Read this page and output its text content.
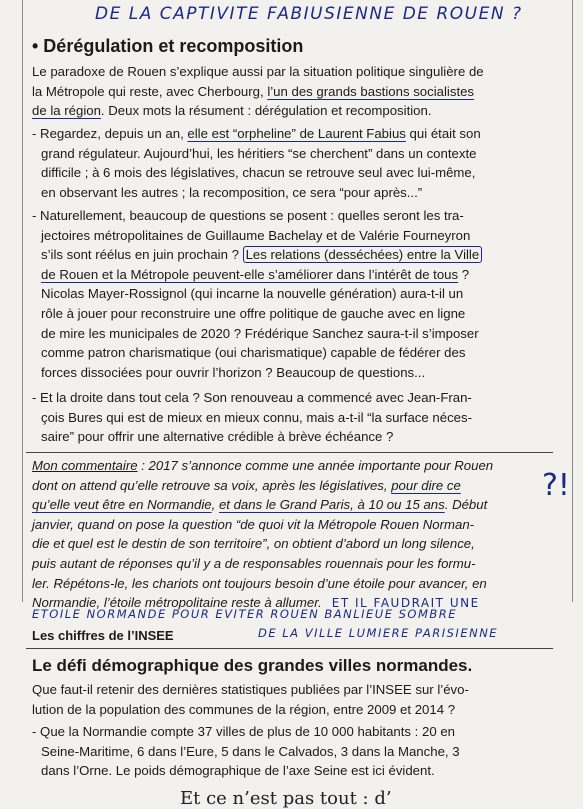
DE LA CAPTIVITE FABIUSIENNE DE ROUEN ?
• Dérégulation et recomposition

Le paradoxe de Rouen s’explique aussi par la situation politique singulière de
la Métropole qui reste, avec Cherbourg, l’un des grands bastions socialistes
de la région. Deux mots la résument : dérégulation et recomposition.

- Regardez, depuis un an, elle est “orpheline” de Laurent Fabius qui était son
grand régulateur. Aujourd’hui, les héritiers “se cherchent” dans un contexte
difficile ; à 6 mois des législatives, chacun se retrouve seul avec lui-même,
en observant les autres ; la recomposition, ce sera “pour après...”

- Naturellement, beaucoup de questions se posent : quelles seront les tra-
jectoires métropolitaines de Guillaume Bachelay et de Valérie Fourneyron
s’ils sont réélus en juin prochain ? Les relations (desséchées) entre la Ville
de Rouen et la Métropole peuvent-elle s’améliorer dans l’intérêt de tous ?
Nicolas Mayer-Rossignol (qui incarne la nouvelle génération) aura-t-il un
rôle à jouer pour reconstruire une offre politique de gauche avec en ligne
de mire les municipales de 2020 ? Frédérique Sanchez saura-t-il s’imposer
comme patron charismatique (oui charismatique) capable de fédérer des
forces dissociées pour ouvrir l’horizon ? Beaucoup de questions...

- Et la droite dans tout cela ? Son renouveau a commencé avec Jean-Fran-
çois Bures qui est de mieux en mieux connu, mais a-t-il “la surface néces-
saire” pour offrir une alternative crédible à brève échéance ?

Mon commentaire : 2017 s’annonce comme une année importante pour Rouen
dont on attend qu’elle retrouve sa voix, après les législatives, pour dire ce
qu’elle veut être en Normandie, et dans le Grand Paris, à 10 ou 15 ans. Début
janvier, quand on pose la question “de quoi vit la Métropole Rouen Norman-
die et quel est le destin de son territoire”, on obtient d’abord un long silence,
puis autant de réponses qu’il y a de responsables rouennais pour les formu-
ler. Répétons-le, les chariots ont toujours besoin d’une étoile pour avancer, en
Normandie, l’étoile métropolitaine reste à allumer. ET IL FAUDRAIT UNE

?!
ETOILE NORMANDE POUR EVITER ROUEN BANLIEUE SOMBRE
Les chiffres de l’INSEE	DE LA VILLE LUMIERE PARISIENNE
Le défi démographique des grandes villes normandes.

Que faut-il retenir des dernières statistiques publiées par l’INSEE sur l’évo-
lution de la population des communes de la région, entre 2009 et 2014 ?

- Que la Normandie compte 37 villes de plus de 10 000 habitants : 20 en
Seine-Maritime, 6 dans l’Eure, 5 dans le Calvados, 3 dans la Manche, 3
dans l’Orne. Le poids démographique de l’axe Seine est ici évident.

Et ce n’est pas tout : d’
